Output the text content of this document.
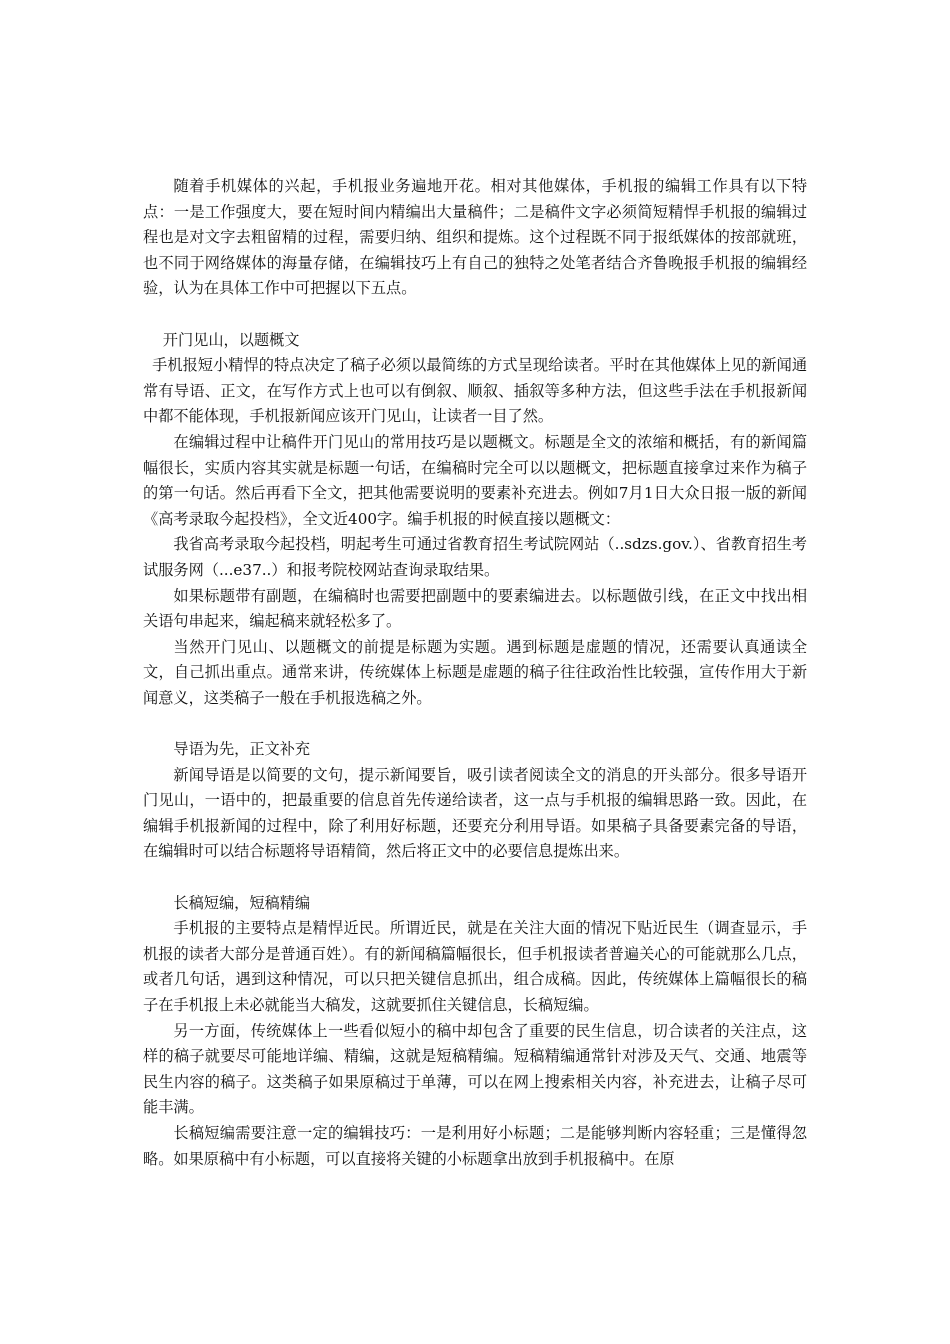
随着手机媒体的兴起，手机报业务遍地开花。相对其他媒体，手机报的编辑工作具有以下特点：一是工作强度大，要在短时间内精编出大量稿件；二是稿件文字必须简短精悍手机报的编辑过程也是对文字去粗留精的过程，需要归纳、组织和提炼。这个过程既不同于报纸媒体的按部就班，也不同于网络媒体的海量存储，在编辑技巧上有自己的独特之处笔者结合齐鲁晚报手机报的编辑经验，认为在具体工作中可把握以下五点。

开门见山，以题概文

手机报短小精悍的特点决定了稿子必须以最简练的方式呈现给读者。平时在其他媒体上见的新闻通常有导语、正文，在写作方式上也可以有倒叙、顺叙、插叙等多种方法，但这些手法在手机报新闻中都不能体现，手机报新闻应该开门见山，让读者一目了然。

在编辑过程中让稿件开门见山的常用技巧是以题概文。标题是全文的浓缩和概括，有的新闻篇幅很长，实质内容其实就是标题一句话，在编稿时完全可以以题概文，把标题直接拿过来作为稿子的第一句话。然后再看下全文，把其他需要说明的要素补充进去。例如7月1日大众日报一版的新闻《高考录取今起投档》，全文近400字。编手机报的时候直接以题概文：

我省高考录取今起投档，明起考生可通过省教育招生考试院网站（..sdzs.gov.）、省教育招生考试服务网（...e37..）和报考院校网站查询录取结果。

如果标题带有副题，在编稿时也需要把副题中的要素编进去。以标题做引线，在正文中找出相关语句串起来，编起稿来就轻松多了。

当然开门见山、以题概文的前提是标题为实题。遇到标题是虚题的情况，还需要认真通读全文，自己抓出重点。通常来讲，传统媒体上标题是虚题的稿子往往政治性比较强，宣传作用大于新闻意义，这类稿子一般在手机报选稿之外。

导语为先，正文补充

新闻导语是以简要的文句，提示新闻要旨，吸引读者阅读全文的消息的开头部分。很多导语开门见山，一语中的，把最重要的信息首先传递给读者，这一点与手机报的编辑思路一致。因此，在编辑手机报新闻的过程中，除了利用好标题，还要充分利用导语。如果稿子具备要素完备的导语，在编辑时可以结合标题将导语精简，然后将正文中的必要信息提炼出来。

长稿短编，短稿精编

手机报的主要特点是精悍近民。所谓近民，就是在关注大面的情况下贴近民生（调查显示，手机报的读者大部分是普通百姓）。有的新闻稿篇幅很长，但手机报读者普遍关心的可能就那么几点，或者几句话，遇到这种情况，可以只把关键信息抓出，组合成稿。因此，传统媒体上篇幅很长的稿子在手机报上未必就能当大稿发，这就要抓住关键信息，长稿短编。

另一方面，传统媒体上一些看似短小的稿中却包含了重要的民生信息，切合读者的关注点，这样的稿子就要尽可能地详编、精编，这就是短稿精编。短稿精编通常针对涉及天气、交通、地震等民生内容的稿子。这类稿子如果原稿过于单薄，可以在网上搜索相关内容，补充进去，让稿子尽可能丰满。

长稿短编需要注意一定的编辑技巧：一是利用好小标题；二是能够判断内容轻重；三是懂得忽略。如果原稿中有小标题，可以直接将关键的小标题拿出放到手机报稿中。在原
